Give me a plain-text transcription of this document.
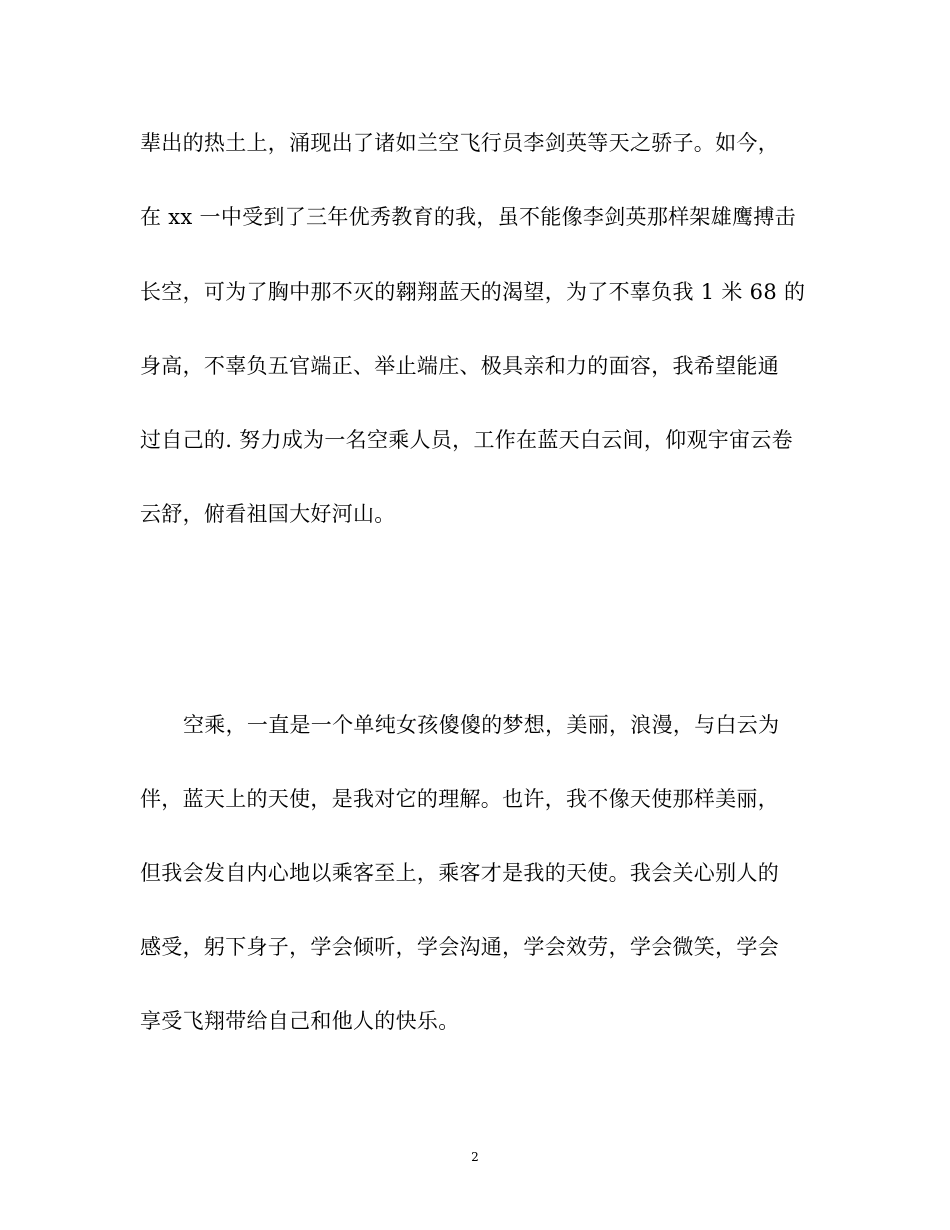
辈出的热土上，涌现出了诸如兰空飞行员李剑英等天之骄子。如今，
在 xx 一中受到了三年优秀教育的我，虽不能像李剑英那样架雄鹰搏击
长空，可为了胸中那不灭的翱翔蓝天的渴望，为了不辜负我 1 米 68 的
身高，不辜负五官端正、举止端庄、极具亲和力的面容，我希望能通
过自己的. 努力成为一名空乘人员，工作在蓝天白云间，仰观宇宙云卷
云舒，俯看祖国大好河山。
空乘，一直是一个单纯女孩傻傻的梦想，美丽，浪漫，与白云为
伴，蓝天上的天使，是我对它的理解。也许，我不像天使那样美丽，
但我会发自内心地以乘客至上，乘客才是我的天使。我会关心别人的
感受，躬下身子，学会倾听，学会沟通，学会效劳，学会微笑，学会
享受飞翔带给自己和他人的快乐。
2
